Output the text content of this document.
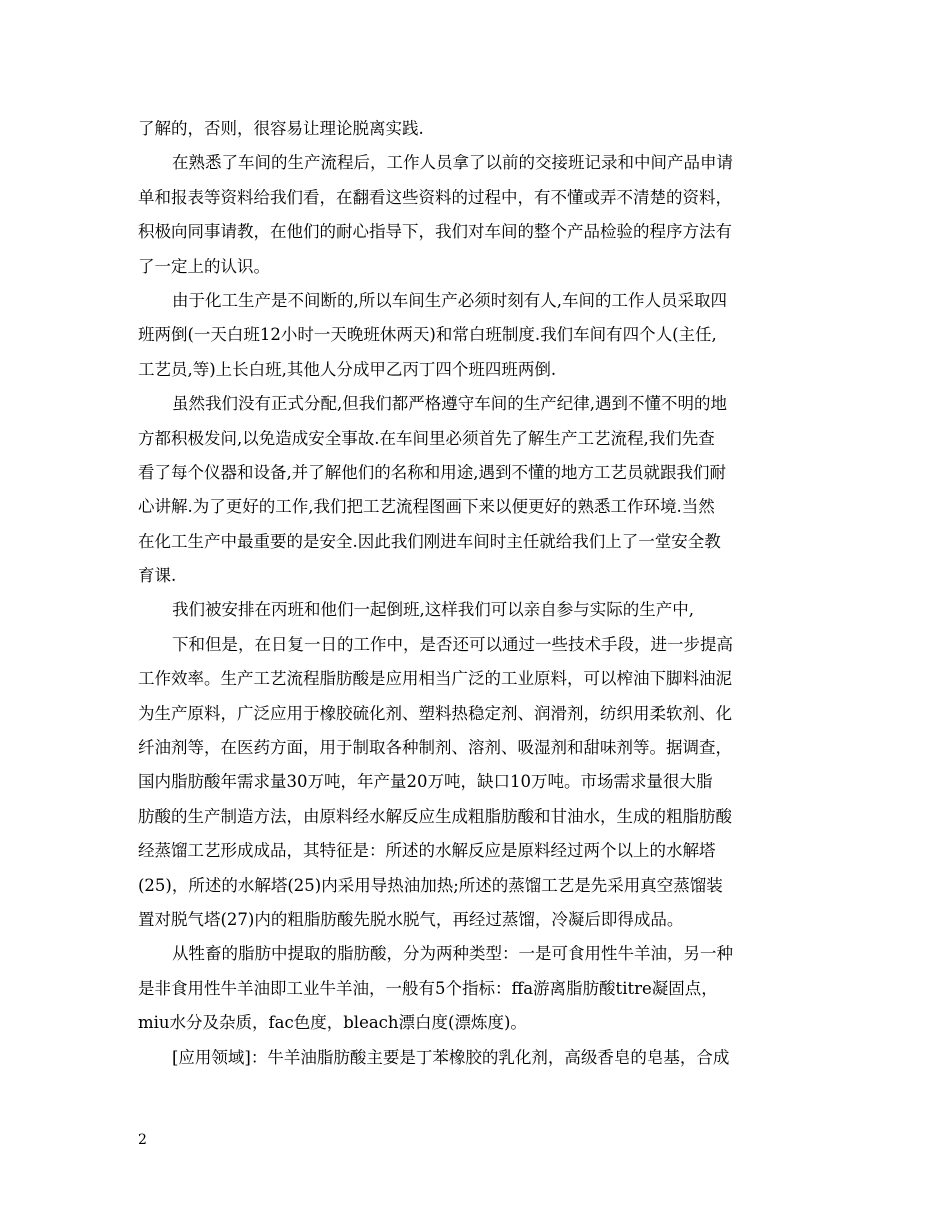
了解的，否则，很容易让理论脱离实践.
在熟悉了车间的生产流程后，工作人员拿了以前的交接班记录和中间产品申请
单和报表等资料给我们看，在翻看这些资料的过程中，有不懂或弄不清楚的资料，
积极向同事请教，在他们的耐心指导下，我们对车间的整个产品检验的程序方法有
了一定上的认识。
由于化工生产是不间断的,所以车间生产必须时刻有人,车间的工作人员采取四
班两倒(一天白班12小时一天晚班休两天)和常白班制度.我们车间有四个人(主任,
工艺员,等)上长白班,其他人分成甲乙丙丁四个班四班两倒.
虽然我们没有正式分配,但我们都严格遵守车间的生产纪律,遇到不懂不明的地
方都积极发问,以免造成安全事故.在车间里必须首先了解生产工艺流程,我们先查
看了每个仪器和设备,并了解他们的名称和用途,遇到不懂的地方工艺员就跟我们耐
心讲解.为了更好的工作,我们把工艺流程图画下来以便更好的熟悉工作环境.当然
在化工生产中最重要的是安全.因此我们刚进车间时主任就给我们上了一堂安全教
育课.
我们被安排在丙班和他们一起倒班,这样我们可以亲自参与实际的生产中,
下和但是，在日复一日的工作中，是否还可以通过一些技术手段，进一步提高
工作效率。生产工艺流程脂肪酸是应用相当广泛的工业原料，可以榨油下脚料油泥
为生产原料，广泛应用于橡胶硫化剂、塑料热稳定剂、润滑剂，纺织用柔软剂、化
纤油剂等，在医药方面，用于制取各种制剂、溶剂、吸湿剂和甜味剂等。据调查，
国内脂肪酸年需求量30万吨，年产量20万吨，缺口10万吨。市场需求量很大脂
肪酸的生产制造方法，由原料经水解反应生成粗脂肪酸和甘油水，生成的粗脂肪酸
经蒸馏工艺形成成品，其特征是：所述的水解反应是原料经过两个以上的水解塔
(25)，所述的水解塔(25)内采用导热油加热;所述的蒸馏工艺是先采用真空蒸馏装
置对脱气塔(27)内的粗脂肪酸先脱水脱气，再经过蒸馏，冷凝后即得成品。
从牲畜的脂肪中提取的脂肪酸，分为两种类型：一是可食用性牛羊油，另一种
是非食用性牛羊油即工业牛羊油，一般有5个指标：ffa游离脂肪酸titre凝固点，
miu水分及杂质，fac色度，bleach漂白度(漂炼度)。
[应用领域]：牛羊油脂肪酸主要是丁苯橡胶的乳化剂，高级香皂的皂基，合成
2
